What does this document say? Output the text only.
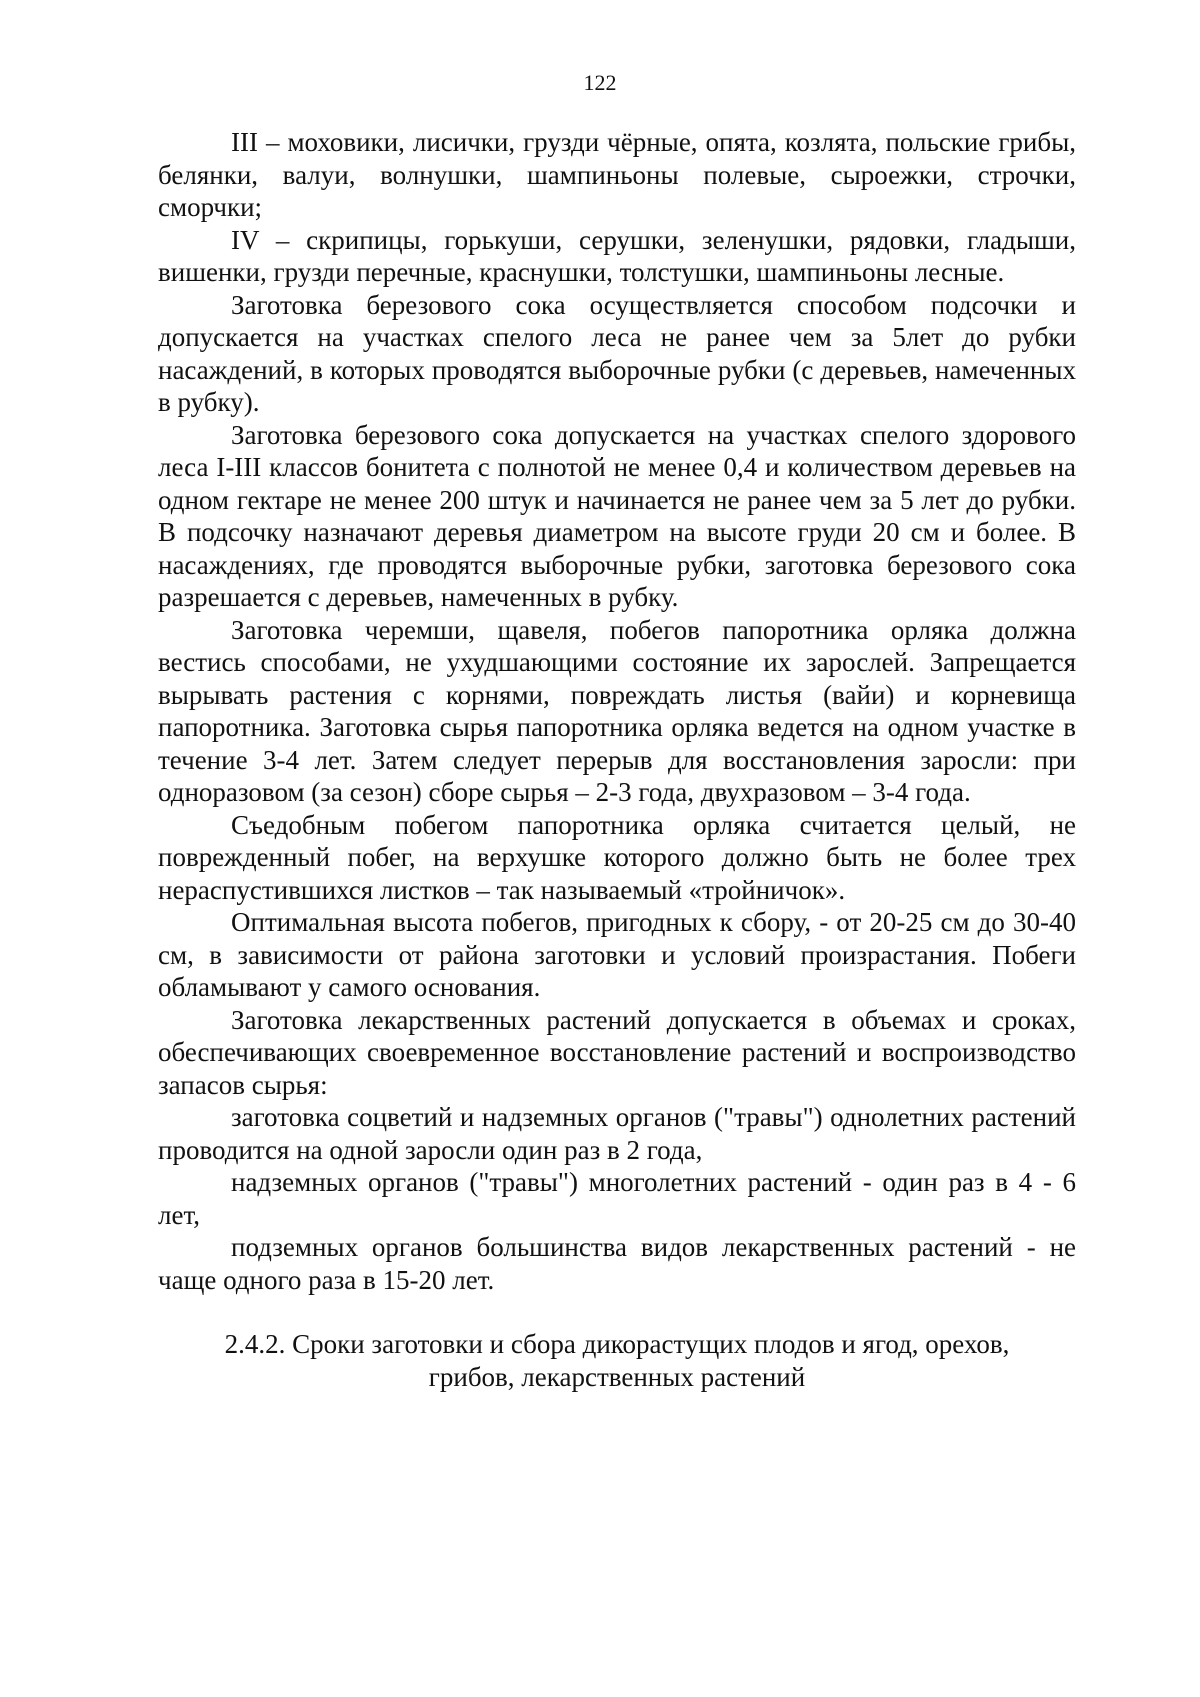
122

III – моховики, лисички, грузди чёрные, опята, козлята, польские грибы, белянки, валуи, волнушки, шампиньоны полевые, сыроежки, строчки, сморчки;

IV – скрипицы, горькуши, серушки, зеленушки, рядовки, гладыши, вишенки, грузди перечные, краснушки, толстушки, шампиньоны лесные.

Заготовка березового сока осуществляется способом подсочки и допускается на участках спелого леса не ранее чем за 5лет до рубки насаждений, в которых проводятся выборочные рубки (с деревьев, намеченных в рубку).

Заготовка березового сока допускается на участках спелого здорового леса I-III классов бонитета с полнотой не менее 0,4 и количеством деревьев на одном гектаре не менее 200 штук и начинается не ранее чем за 5 лет до рубки. В подсочку назначают деревья диаметром на высоте груди 20 см и более. В насаждениях, где проводятся выборочные рубки, заготовка березового сока разрешается с деревьев, намеченных в рубку.

Заготовка черемши, щавеля, побегов папоротника орляка должна вестись способами, не ухудшающими состояние их зарослей. Запрещается вырывать растения с корнями, повреждать листья (вайи) и корневища папоротника. Заготовка сырья папоротника орляка ведется на одном участке в течение 3-4 лет. Затем следует перерыв для восстановления заросли: при одноразовом (за сезон) сборе сырья – 2-3 года, двухразовом – 3-4 года.

Съедобным побегом папоротника орляка считается целый, не поврежденный побег, на верхушке которого должно быть не более трех нераспустившихся листков – так называемый «тройничок».

Оптимальная высота побегов, пригодных к сбору, - от 20-25 см до 30-40 см, в зависимости от района заготовки и условий произрастания. Побеги обламывают у самого основания.

Заготовка лекарственных растений допускается в объемах и сроках, обеспечивающих своевременное восстановление растений и воспроизводство запасов сырья:

заготовка соцветий и надземных органов ("травы") однолетних растений проводится на одной заросли один раз в 2 года,

надземных органов ("травы") многолетних растений - один раз в 4 - 6 лет,

подземных органов большинства видов лекарственных растений - не чаще одного раза в 15-20 лет.

2.4.2. Сроки заготовки и сбора дикорастущих плодов и ягод, орехов,
грибов, лекарственных растений
